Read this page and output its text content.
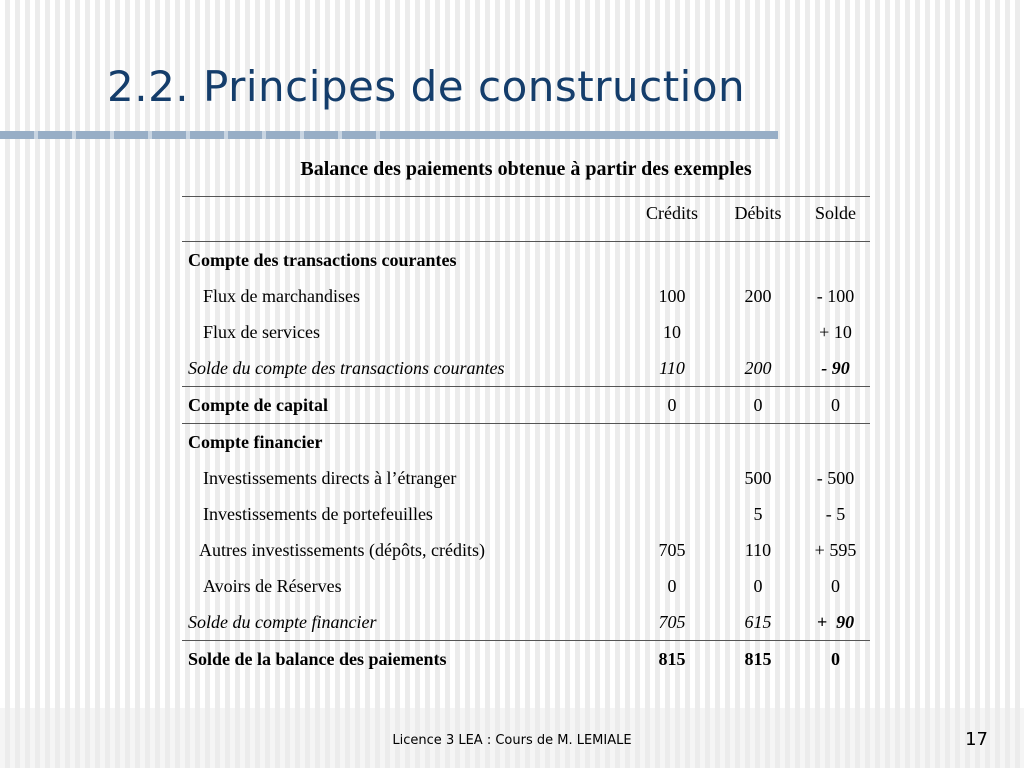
2.2. Principes de construction
Balance des paiements obtenue à partir des exemples
	Crédits	Débits	Solde
Compte des transactions courantes			
Flux de marchandises	100	200	- 100
Flux de services	10		+ 10
Solde du compte des transactions courantes	110	200	- 90
Compte de capital	0	0	0
Compte financier			
Investissements directs à l’étranger		500	- 500
Investissements de portefeuilles		5	- 5
Autres investissements (dépôts, crédits)	705	110	+ 595
Avoirs de Réserves	0	0	0
Solde du compte financier	705	615	+  90
Solde de la balance des paiements	815	815	0

Licence 3 LEA : Cours de M. LEMIALE	17
